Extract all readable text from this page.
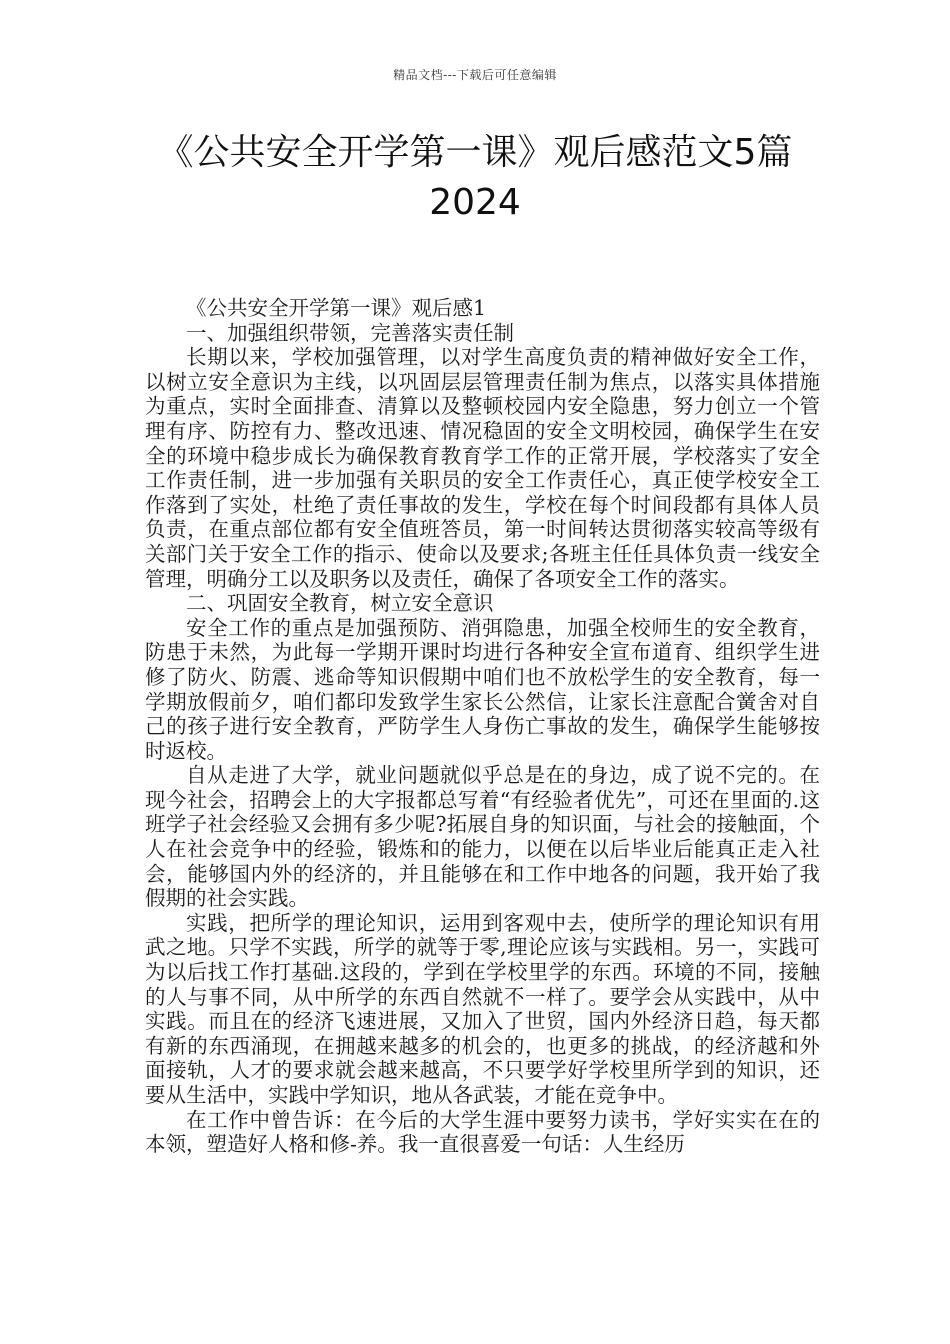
精品文档---下载后可任意编辑
《公共安全开学第一课》观后感范文5篇2024

《公共安全开学第一课》观后感1

一、加强组织带领，完善落实责任制

长期以来，学校加强管理，以对学生高度负责的精神做好安全工作，以树立安全意识为主线，以巩固层层管理责任制为焦点，以落实具体措施为重点，实时全面排查、清算以及整顿校园内安全隐患，努力创立一个管理有序、防控有力、整改迅速、情况稳固的安全文明校园，确保学生在安全的环境中稳步成长为确保教育教育学工作的正常开展，学校落实了安全工作责任制，进一步加强有关职员的安全工作责任心，真正使学校安全工作落到了实处，杜绝了责任事故的发生，学校在每个时间段都有具体人员负责，在重点部位都有安全值班答员，第一时间转达贯彻落实较高等级有关部门关于安全工作的指示、使命以及要求;各班主任任具体负责一线安全管理，明确分工以及职务以及责任，确保了各项安全工作的落实。

二、巩固安全教育，树立安全意识

安全工作的重点是加强预防、消弭隐患，加强全校师生的安全教育，防患于未然，为此每一学期开课时均进行各种安全宣布道育、组织学生进修了防火、防震、逃命等知识假期中咱们也不放松学生的安全教育，每一学期放假前夕，咱们都印发致学生家长公然信，让家长注意配合黉舍对自己的孩子进行安全教育，严防学生人身伤亡事故的发生，确保学生能够按时返校。

自从走进了大学，就业问题就似乎总是在的身边，成了说不完的。在现今社会，招聘会上的大字报都总写着“有经验者优先”，可还在里面的.这班学子社会经验又会拥有多少呢?拓展自身的知识面，与社会的接触面，个人在社会竞争中的经验，锻炼和的能力，以便在以后毕业后能真正走入社会，能够国内外的经济的，并且能够在和工作中地各的问题，我开始了我假期的社会实践。

实践，把所学的理论知识，运用到客观中去，使所学的理论知识有用武之地。只学不实践，所学的就等于零,理论应该与实践相。另一，实践可为以后找工作打基础.这段的，学到在学校里学的东西。环境的不同，接触的人与事不同，从中所学的东西自然就不一样了。要学会从实践中，从中实践。而且在的经济飞速进展，又加入了世贸，国内外经济日趋，每天都有新的东西涌现，在拥越来越多的机会的，也更多的挑战，的经济越和外面接轨，人才的要求就会越来越高，不只要学好学校里所学到的知识，还要从生活中，实践中学知识，地从各武装，才能在竞争中。

在工作中曾告诉：在今后的大学生涯中要努力读书，学好实实在在的本领，塑造好人格和修-养。我一直很喜爱一句话：人生经历
